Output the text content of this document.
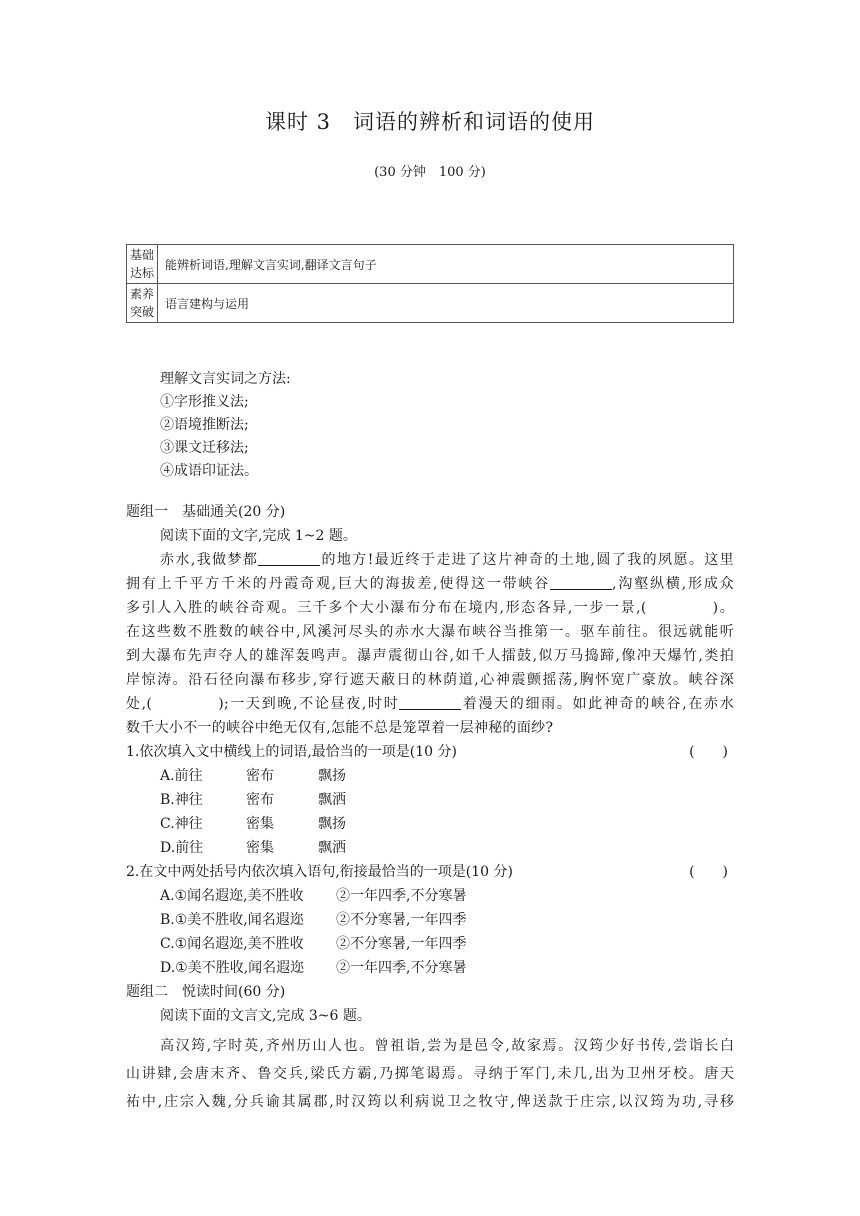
课时 3　词语的辨析和词语的使用
(30 分钟　100 分)
基础
达标	能辨析词语,理解文言实词,翻译文言句子

素养
突破	语言建构与运用
理解文言实词之方法:
①字形推义法;
②语境推断法;
③课文迁移法;
④成语印证法。
题组一　基础通关(20 分)
阅读下面的文字,完成 1~2 题。
赤水,我做梦都	的地方!最近终于走进了这片神奇的土地,圆了我的夙愿。这里
拥有上千平方千米的丹霞奇观,巨大的海拔差,使得这一带峡谷	,沟壑纵横,形成众
多引人入胜的峡谷奇观。三千多个大小瀑布分布在境内,形态各异,一步一景,(	)。
在这些数不胜数的峡谷中,风溪河尽头的赤水大瀑布峡谷当推第一。驱车前往。很远就能听
到大瀑布先声夺人的雄浑轰鸣声。瀑声震彻山谷,如千人擂鼓,似万马捣蹄,像冲天爆竹,类拍
岸惊涛。沿石径向瀑布移步,穿行遮天蔽日的林荫道,心神震颤摇荡,胸怀宽广豪放。峡谷深
处,(	);一天到晚,不论昼夜,时时	着漫天的细雨。如此神奇的峡谷,在赤水
数千大小不一的峡谷中绝无仅有,怎能不总是笼罩着一层神秘的面纱?
1.依次填入文中横线上的词语,最恰当的一项是(10 分)	(　　)
A.前往	密布	飘扬
B.神往	密布	飘洒
C.神往	密集	飘扬
D.前往	密集	飘洒
2.在文中两处括号内依次填入语句,衔接最恰当的一项是(10 分)	(　　)
A.①闻名遐迩,美不胜收 ②一年四季,不分寒暑
B.①美不胜收,闻名遐迩 ②不分寒暑,一年四季
C.①闻名遐迩,美不胜收 ②不分寒暑,一年四季
D.①美不胜收,闻名遐迩 ②一年四季,不分寒暑
题组二　悦读时间(60 分)
阅读下面的文言文,完成 3~6 题。
高汉筠,字时英,齐州历山人也。曾祖诣,尝为是邑令,故家焉。汉筠少好书传,尝诣长白
山讲肄,会唐末齐、鲁交兵,梁氏方霸,乃掷笔谒焉。寻纳于军门,未几,出为卫州牙校。唐天
祐中,庄宗入魏,分兵谕其属郡,时汉筠以利病说卫之牧守,俾送款于庄宗,以汉筠为功,寻移
